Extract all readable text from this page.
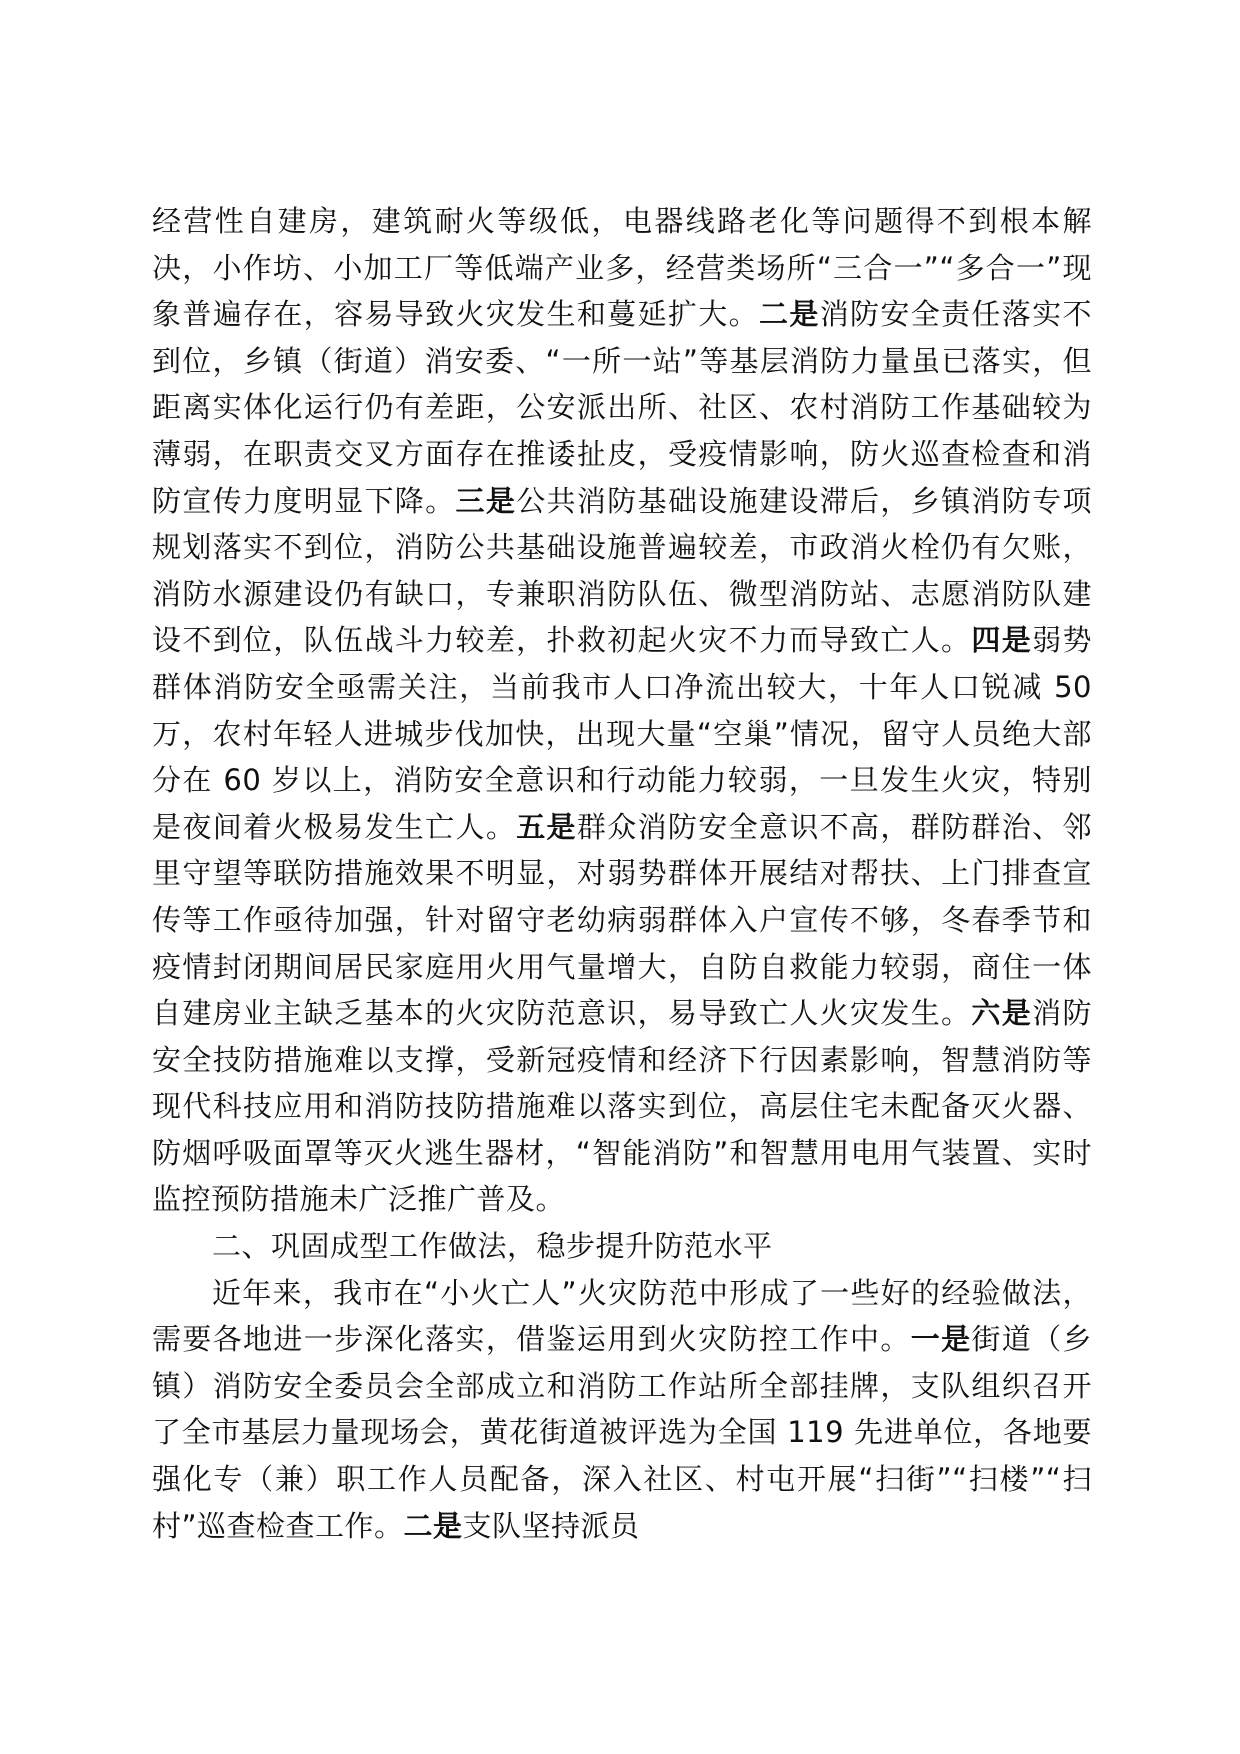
经营性自建房，建筑耐火等级低，电器线路老化等问题得不到根本解决，小作坊、小加工厂等低端产业多，经营类场所“三合一”“多合一”现象普遍存在，容易导致火灾发生和蔓延扩大。二是消防安全责任落实不到位，乡镇（街道）消安委、“一所一站”等基层消防力量虽已落实，但距离实体化运行仍有差距，公安派出所、社区、农村消防工作基础较为薄弱，在职责交叉方面存在推诿扯皮，受疫情影响，防火巡查检查和消防宣传力度明显下降。三是公共消防基础设施建设滞后，乡镇消防专项规划落实不到位，消防公共基础设施普遍较差，市政消火栓仍有欠账，消防水源建设仍有缺口，专兼职消防队伍、微型消防站、志愿消防队建设不到位，队伍战斗力较差，扑救初起火灾不力而导致亡人。四是弱势群体消防安全亟需关注，当前我市人口净流出较大，十年人口锐减 50 万，农村年轻人进城步伐加快，出现大量“空巢”情况，留守人员绝大部分在 60 岁以上，消防安全意识和行动能力较弱，一旦发生火灾，特别是夜间着火极易发生亡人。五是群众消防安全意识不高，群防群治、邻里守望等联防措施效果不明显，对弱势群体开展结对帮扶、上门排查宣传等工作亟待加强，针对留守老幼病弱群体入户宣传不够，冬春季节和疫情封闭期间居民家庭用火用气量增大，自防自救能力较弱，商住一体自建房业主缺乏基本的火灾防范意识，易导致亡人火灾发生。六是消防安全技防措施难以支撑，受新冠疫情和经济下行因素影响，智慧消防等现代科技应用和消防技防措施难以落实到位，高层住宅未配备灭火器、防烟呼吸面罩等灭火逃生器材，“智能消防”和智慧用电用气装置、实时监控预防措施未广泛推广普及。

二、巩固成型工作做法，稳步提升防范水平

近年来，我市在“小火亡人”火灾防范中形成了一些好的经验做法，需要各地进一步深化落实，借鉴运用到火灾防控工作中。一是街道（乡镇）消防安全委员会全部成立和消防工作站所全部挂牌，支队组织召开了全市基层力量现场会，黄花街道被评选为全国 119 先进单位，各地要强化专（兼）职工作人员配备，深入社区、村屯开展“扫街”“扫楼”“扫村”巡查检查工作。二是支队坚持派员
